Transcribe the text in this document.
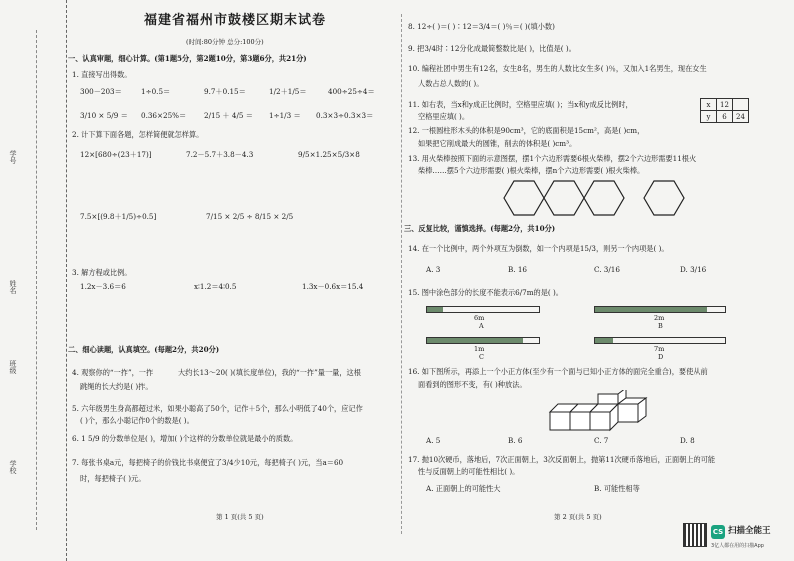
学号
姓名
班级
学校
福建省福州市鼓楼区期末试卷
(时间:80分钟 总分:100分)
一、认真审题，细心计算。(第1题5分，第2题10分，第3题6分，共21分)
1. 直接写出得数。
300－203＝	1÷0.5＝	9.7＋0.15＝	1/2＋1/5＝	400÷25÷4＝
3/10 × 5/9 ＝ 0.36×25%＝ 2/15 ＋ 4/5 ＝ 1÷1/3 ＝ 0.3×3÷0.3×3＝
2. 计下算下面各题，怎样简便就怎样算。
12×[680÷(23＋17)]	7.2－5.7＋3.8－4.3	9/5×1.25×5/3×8
7.5×[(9.8＋1/5)÷0.5]	7/15 × 2/5 ÷ 8/15 × 2/5
3. 解方程或比例。
1.2x－3.6＝6	x∶1.2＝4∶0.5	1.3x－0.6x＝15.4
二、细心读题，认真填空。(每题2分，共20分)
4. 观察你的“一拃”，一拃	大约长13～20( )(填长度单位)，我的“一拃”量一量，这根
跳绳的长大约是( )拃。
5. 六年级男生身高都超过米，如果小聪高了50个，记作＋5个，那么小明低了40个，应记作
( )个，那么小聪记作0个的数是( )。
6. 1 5/9 的分数单位是( )，增加( )个这样的分数单位就是最小的质数。
7. 每张书桌a元，每把椅子的价钱比书桌便宜了3/4少10元，每把椅子( )元，当a＝60
时，每把椅子( )元。
第 1 页(共 5 页)
8. 12÷( )＝( )∶12＝3/4＝( )％＝( )(填小数)
9. 把3/4时∶12分化成最简整数比是( )，比值是( )。
10. 编程社团中男生有12名，女生8名，男生的人数比女生多( )％，又加入1名男生，现在女生
人数占总人数的( )。
11. 如右表，当x和y成正比例时，空格里应填( )；当x和y成反比例时，
空格里应填( )。
x	12	
y	6	24
12. 一根圆柱形木头的体积是90cm³，它的底面积是15cm²，高是( )cm，
如果把它削成最大的圆锥，削去的体积是( )cm³。
13. 用火柴棒按照下面的示意图摆，摆1个六边形需要6根火柴棒，摆2个六边形需要11根火
柴棒……摆5个六边形需要( )根火柴棒，摆n个六边形需要( )根火柴棒。
三、反复比较，谨慎选择。(每题2分，共10分)
14. 在一个比例中，两个外项互为倒数，如一个内项是15/3，则另一个内项是( )。
A. 3	B. 16	C. 3/16	D. 3/16
15. 图中涂色部分的长度不能表示6/7m的是( )。
6m
A
2m
B
1m
C
7m
D
16. 如下图所示，再添上一个小正方体(至少有一个面与已知小正方体的面完全重合)，要使从前
面看到的图形不变，有( )种放法。
A. 5	B. 6	C. 7	D. 8
17. 抛10次硬币，落地后，7次正面朝上，3次反面朝上，抛第11次硬币落地后，正面朝上的可能
性与反面朝上的可能性相比( )。
A. 正面朝上的可能性大	B. 可能性相等
第 2 页(共 5 页)
CS 扫描全能王
3亿人都在用的扫描App
